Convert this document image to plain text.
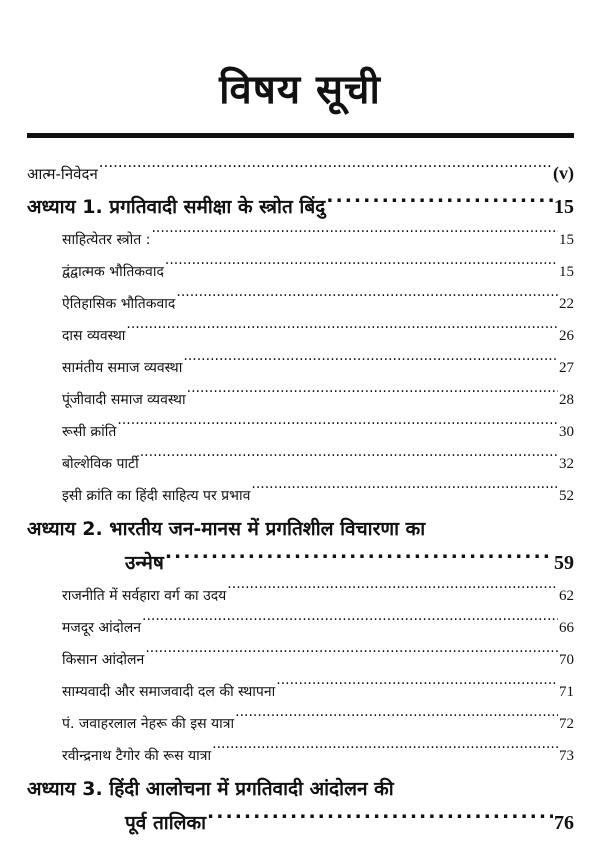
विषय सूची
आत्म-निवेदन .....	(v)
अध्याय 1. प्रगतिवादी समीक्षा के स्त्रोत बिंदु .....	15
साहित्येतर स्त्रोत : .....	15
द्वंद्वात्मक भौतिकवाद .....	15
ऐतिहासिक भौतिकवाद .....	22
दास व्यवस्था .....	26
सामंतीय समाज व्यवस्था .....	27
पूंजीवादी समाज व्यवस्था .....	28
रूसी क्रांति .....	30
बोल्शेविक पार्टी .....	32
इसी क्रांति का हिंदी साहित्य पर प्रभाव .....	52
अध्याय 2. भारतीय जन-मानस में प्रगतिशील विचारणा का
उन्मेष .....	59
राजनीति में सर्वहारा वर्ग का उदय .....	62
मजदूर आंदोलन .....	66
किसान आंदोलन .....	70
साम्यवादी और समाजवादी दल की स्थापना .....	71
पं. जवाहरलाल नेहरू की इस यात्रा .....	72
रवीन्द्रनाथ टैगोर की रूस यात्रा .....	73
अध्याय 3. हिंदी आलोचना में प्रगतिवादी आंदोलन की
पूर्व तालिका .....	76
